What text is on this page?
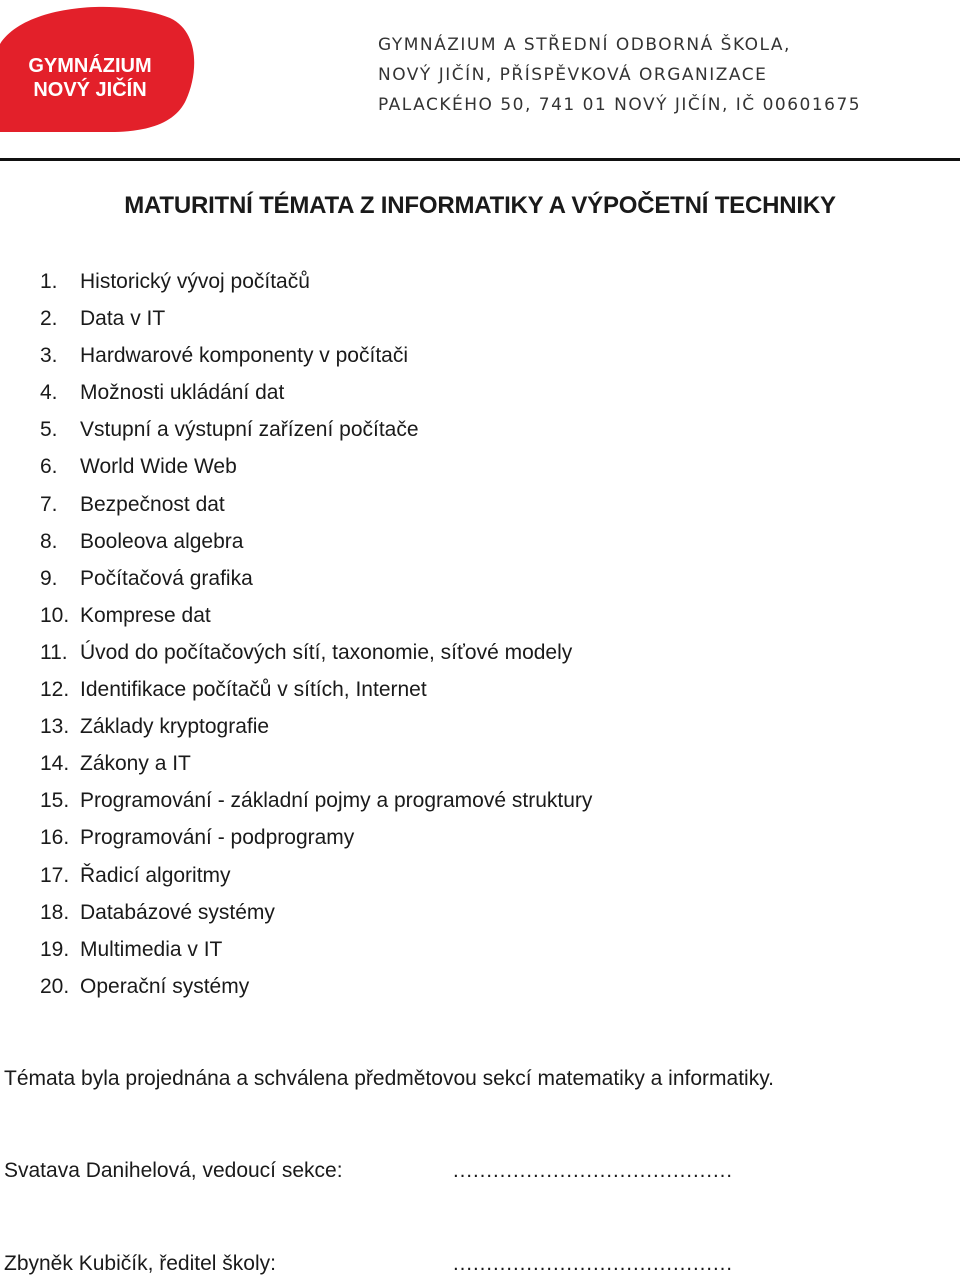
GYMNÁZIUM
NOVÝ JIČÍN
GYMNÁZIUM A STŘEDNÍ ODBORNÁ ŠKOLA,
NOVÝ JIČÍN, PŘÍSPĚVKOVÁ ORGANIZACE
PALACKÉHO 50, 741 01 NOVÝ JIČÍN, IČ 00601675
MATURITNÍ TÉMATA Z INFORMATIKY A VÝPOČETNÍ TECHNIKY
1. Historický vývoj počítačů
2. Data v IT
3. Hardwarové komponenty v počítači
4. Možnosti ukládání dat
5. Vstupní a výstupní zařízení počítače
6. World Wide Web
7. Bezpečnost dat
8. Booleova algebra
9. Počítačová grafika
10. Komprese dat
11. Úvod do počítačových sítí, taxonomie, síťové modely
12. Identifikace počítačů v sítích, Internet
13. Základy kryptografie
14. Zákony a IT
15. Programování - základní pojmy a programové struktury
16. Programování - podprogramy
17. Řadicí algoritmy
18. Databázové systémy
19. Multimedia v IT
20. Operační systémy
Témata byla projednána a schválena předmětovou sekcí matematiky a informatiky.
Svatava Danihelová, vedoucí sekce:	……………………………………
Zbyněk Kubičík, ředitel školy:	……………………………………
